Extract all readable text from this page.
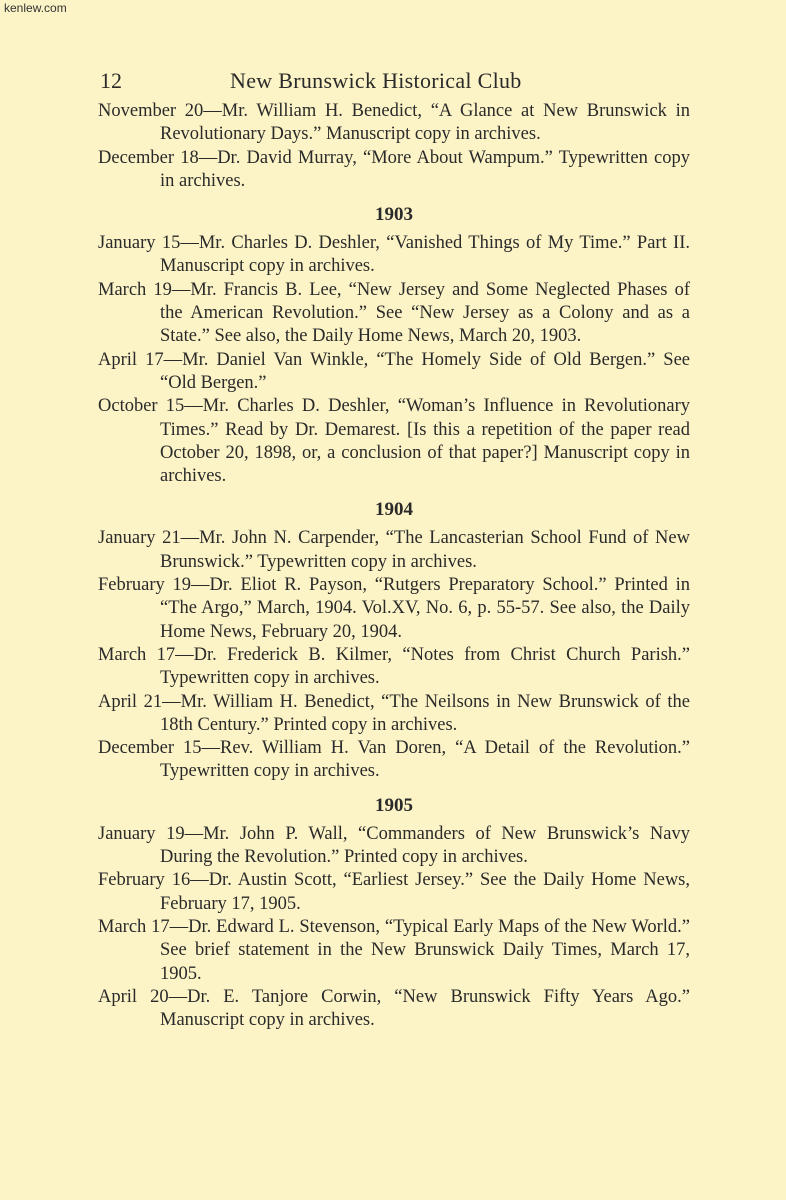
kenlew.com
12	New Brunswick Historical Club

November 20—Mr. William H. Benedict, “A Glance at New Brunswick in Revolutionary Days.” Manuscript copy in archives.

December 18—Dr. David Murray, “More About Wampum.” Typewritten copy in archives.

1903

January 15—Mr. Charles D. Deshler, “Vanished Things of My Time.” Part II. Manuscript copy in archives.

March 19—Mr. Francis B. Lee, “New Jersey and Some Neglected Phases of the American Revolution.” See “New Jersey as a Colony and as a State.” See also, the Daily Home News, March 20, 1903.

April 17—Mr. Daniel Van Winkle, “The Homely Side of Old Bergen.” See “Old Bergen.”

October 15—Mr. Charles D. Deshler, “Woman’s Influence in Revolutionary Times.” Read by Dr. Demarest. [Is this a repetition of the paper read October 20, 1898, or, a conclusion of that paper?] Manuscript copy in archives.

1904

January 21—Mr. John N. Carpender, “The Lancasterian School Fund of New Brunswick.” Typewritten copy in archives.

February 19—Dr. Eliot R. Payson, “Rutgers Preparatory School.” Printed in “The Argo,” March, 1904. Vol.XV, No. 6, p. 55-57. See also, the Daily Home News, February 20, 1904.

March 17—Dr. Frederick B. Kilmer, “Notes from Christ Church Parish.” Typewritten copy in archives.

April 21—Mr. William H. Benedict, “The Neilsons in New Brunswick of the 18th Century.” Printed copy in archives.

December 15—Rev. William H. Van Doren, “A Detail of the Revolution.” Typewritten copy in archives.

1905

January 19—Mr. John P. Wall, “Commanders of New Brunswick’s Navy During the Revolution.” Printed copy in archives.

February 16—Dr. Austin Scott, “Earliest Jersey.” See the Daily Home News, February 17, 1905.

March 17—Dr. Edward L. Stevenson, “Typical Early Maps of the New World.” See brief statement in the New Brunswick Daily Times, March 17, 1905.

April 20—Dr. E. Tanjore Corwin, “New Brunswick Fifty Years Ago.” Manuscript copy in archives.
